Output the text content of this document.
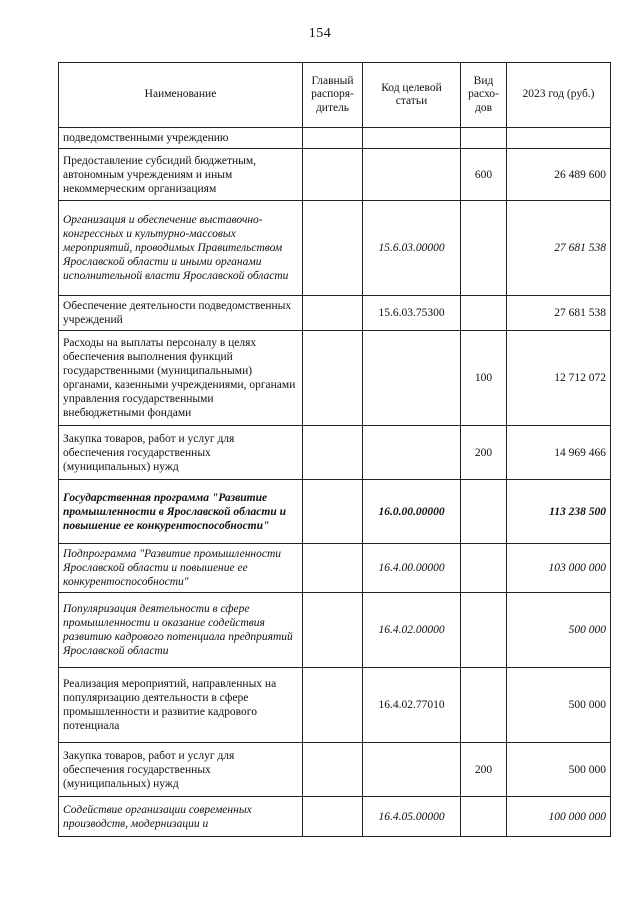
154
Наименование	Главный распоря-дитель	Код целевой статьи	Вид расхо-дов	2023 год (руб.)
подведомственными учреждению				
Предоставление субсидий бюджетным, автономным учреждениям и иным некоммерческим организациям			600	26 489 600
Организация и обеспечение выставочно-конгрессных и культурно-массовых мероприятий, проводимых Правительством Ярославской области и иными органами исполнительной власти Ярославской области		15.6.03.00000		27 681 538
Обеспечение деятельности подведомственных учреждений		15.6.03.75300		27 681 538
Расходы на выплаты персоналу в целях обеспечения выполнения функций государственными (муниципальными) органами, казенными учреждениями, органами управления государственными внебюджетными фондами			100	12 712 072
Закупка товаров, работ и услуг для обеспечения государственных (муниципальных) нужд			200	14 969 466
Государственная программа "Развитие промышленности в Ярославской области и повышение ее конкурентоспособности"		16.0.00.00000		113 238 500
Подпрограмма "Развитие промышленности Ярославской области и повышение ее конкурентоспособности"		16.4.00.00000		103 000 000
Популяризация деятельности в сфере промышленности и оказание содействия развитию кадрового потенциала предприятий Ярославской области		16.4.02.00000		500 000
Реализация мероприятий, направленных на популяризацию деятельности в сфере промышленности и развитие кадрового потенциала		16.4.02.77010		500 000
Закупка товаров, работ и услуг для обеспечения государственных (муниципальных) нужд			200	500 000
Содействие организации современных производств, модернизации и		16.4.05.00000		100 000 000
